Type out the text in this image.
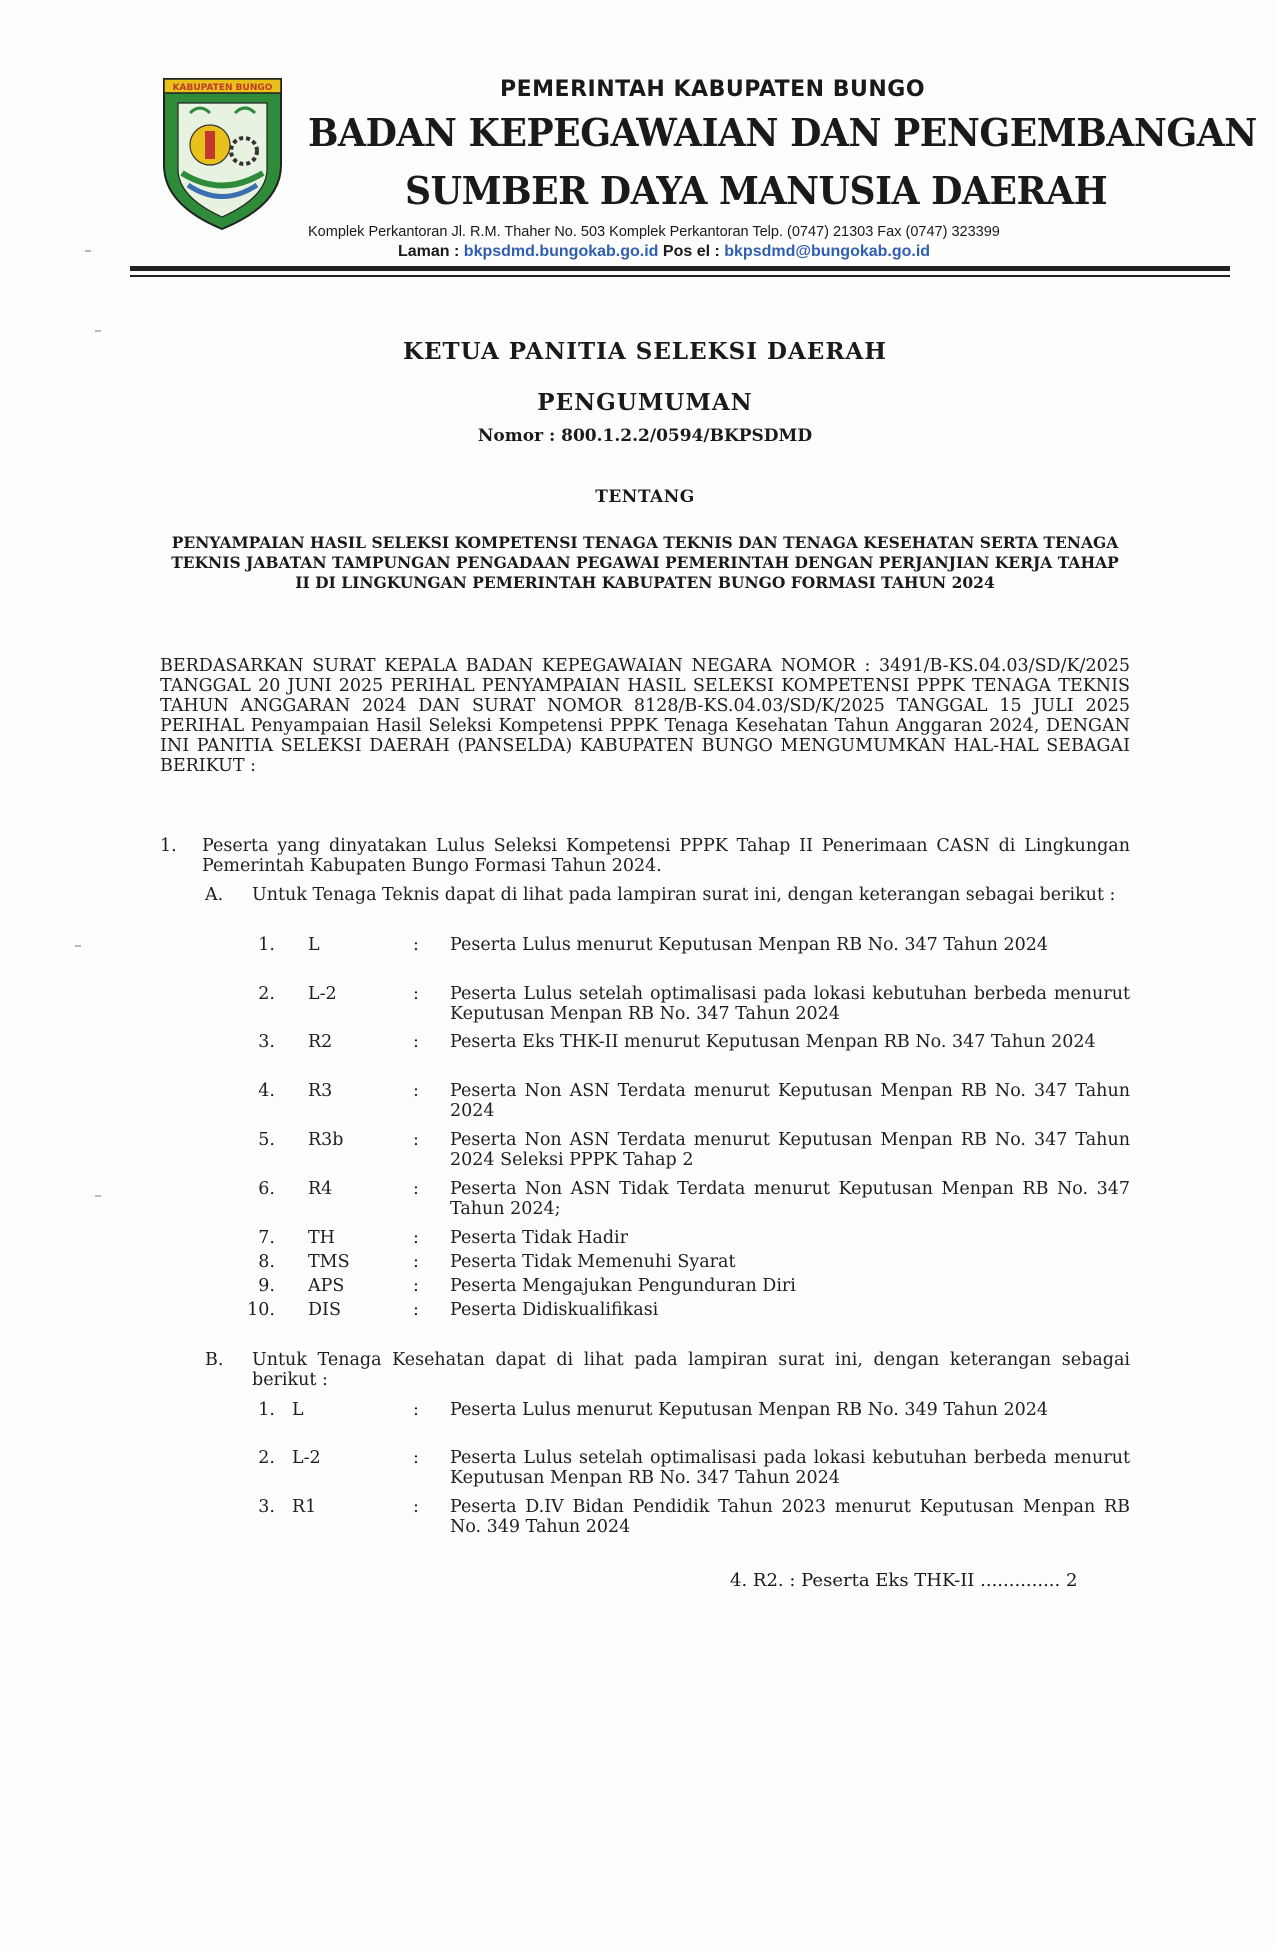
KABUPATEN BUNGO	PEMERINTAH KABUPATEN BUNGO
BADAN KEPEGAWAIAN DAN PENGEMBANGAN
SUMBER DAYA MANUSIA DAERAH
Komplek Perkantoran Jl. R.M. Thaher No. 503 Komplek Perkantoran Telp. (0747) 21303 Fax (0747) 323399
Laman : bkpsdmd.bungokab.go.id Pos el : bkpsdmd@bungokab.go.id
KETUA PANITIA SELEKSI DAERAH
PENGUMUMAN
Nomor : 800.1.2.2/0594/BKPSDMD
TENTANG
PENYAMPAIAN HASIL SELEKSI KOMPETENSI TENAGA TEKNIS DAN TENAGA KESEHATAN SERTA TENAGA TEKNIS JABATAN TAMPUNGAN PENGADAAN PEGAWAI PEMERINTAH DENGAN PERJANJIAN KERJA TAHAP II DI LINGKUNGAN PEMERINTAH KABUPATEN BUNGO FORMASI TAHUN 2024
BERDASARKAN SURAT KEPALA BADAN KEPEGAWAIAN NEGARA NOMOR : 3491/B-KS.04.03/SD/K/2025 TANGGAL 20 JUNI 2025 PERIHAL PENYAMPAIAN HASIL SELEKSI KOMPETENSI PPPK TENAGA TEKNIS TAHUN ANGGARAN 2024 DAN SURAT NOMOR 8128/B-KS.04.03/SD/K/2025 TANGGAL 15 JULI 2025 PERIHAL Penyampaian Hasil Seleksi Kompetensi PPPK Tenaga Kesehatan Tahun Anggaran 2024, DENGAN INI PANITIA SELEKSI DAERAH (PANSELDA) KABUPATEN BUNGO MENGUMUMKAN HAL-HAL SEBAGAI BERIKUT :
1. Peserta yang dinyatakan Lulus Seleksi Kompetensi PPPK Tahap II Penerimaan CASN di Lingkungan Pemerintah Kabupaten Bungo Formasi Tahun 2024.
A. Untuk Tenaga Teknis dapat di lihat pada lampiran surat ini, dengan keterangan sebagai berikut :
1. L	: Peserta Lulus menurut Keputusan Menpan RB No. 347 Tahun 2024
2. L-2	: Peserta Lulus setelah optimalisasi pada lokasi kebutuhan berbeda menurut Keputusan Menpan RB No. 347 Tahun 2024
3. R2	: Peserta Eks THK-II menurut Keputusan Menpan RB No. 347 Tahun 2024
4. R3	: Peserta Non ASN Terdata menurut Keputusan Menpan RB No. 347 Tahun 2024
5. R3b	: Peserta Non ASN Terdata menurut Keputusan Menpan RB No. 347 Tahun 2024 Seleksi PPPK Tahap 2
6. R4	: Peserta Non ASN Tidak Terdata menurut Keputusan Menpan RB No. 347 Tahun 2024;
7. TH	: Peserta Tidak Hadir
8. TMS	: Peserta Tidak Memenuhi Syarat
9. APS	: Peserta Mengajukan Pengunduran Diri
10. DIS	: Peserta Didiskualifikasi
B. Untuk Tenaga Kesehatan dapat di lihat pada lampiran surat ini, dengan keterangan sebagai berikut :
1. L	: Peserta Lulus menurut Keputusan Menpan RB No. 349 Tahun 2024
2. L-2	: Peserta Lulus setelah optimalisasi pada lokasi kebutuhan berbeda menurut Keputusan Menpan RB No. 347 Tahun 2024
3. R1	: Peserta D.IV Bidan Pendidik Tahun 2023 menurut Keputusan Menpan RB No. 349 Tahun 2024
4. R2. : Peserta Eks THK-II .............. 2
